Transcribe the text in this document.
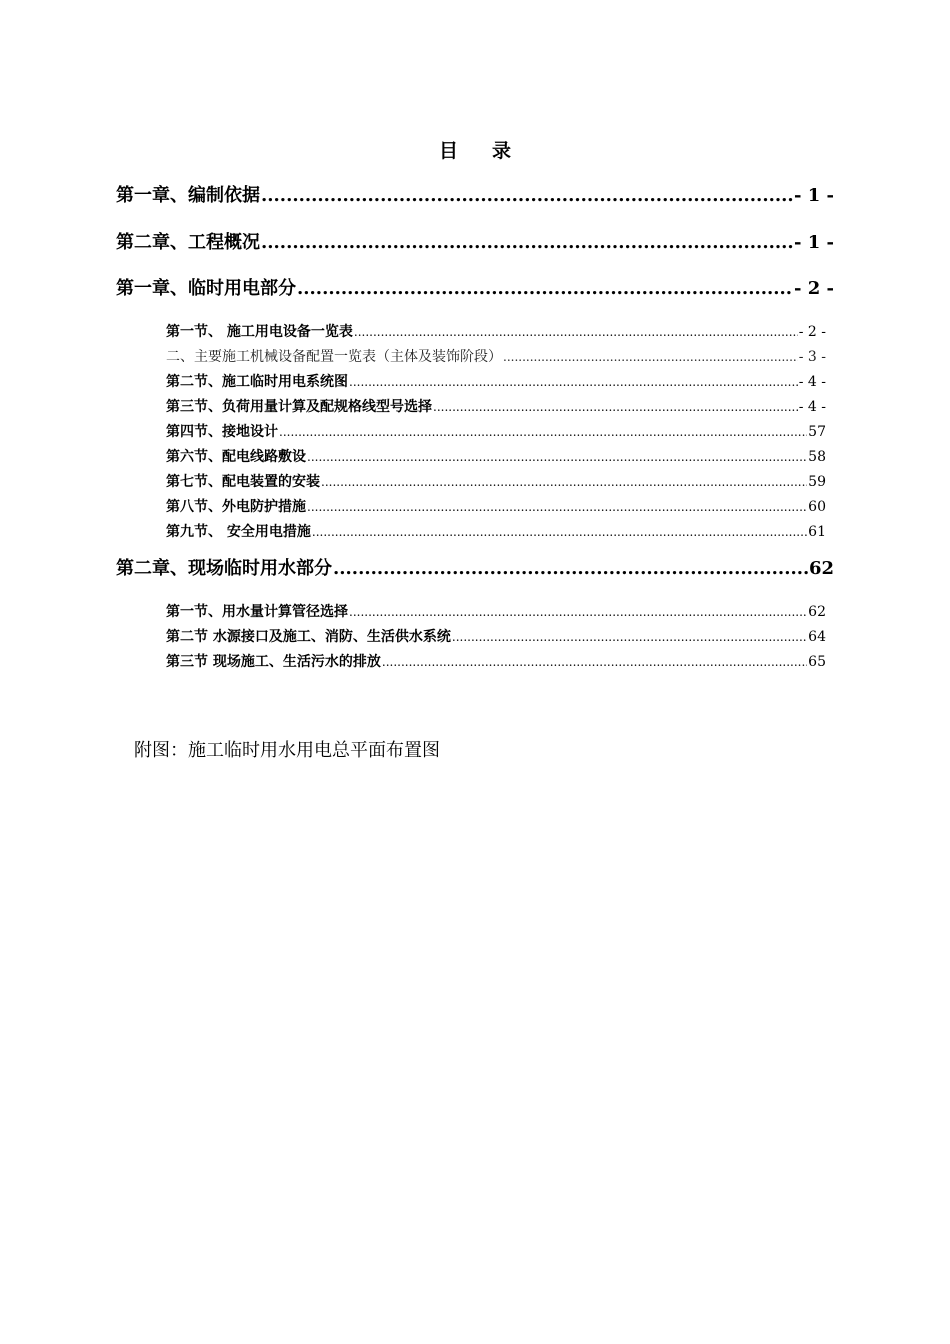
目 录
第一章、编制依据 .....	- 1 -
第二章、工程概况 .....	- 1 -
第一章、临时用电部分 .....	- 2 -
第一节、 施工用电设备一览表 .....	- 2 -
二、主要施工机械设备配置一览表（主体及装饰阶段） .....	- 3 -
第二节、施工临时用电系统图 .....	- 4 -
第三节、负荷用量计算及配规格线型号选择 .....	- 4 -
第四节、接地设计 .....	57
第六节、配电线路敷设 .....	58
第七节、配电装置的安装 .....	59
第八节、外电防护措施 .....	60
第九节、 安全用电措施 .....	61
第二章、现场临时用水部分 .....	62
第一节、用水量计算管径选择 .....	62
第二节 水源接口及施工、消防、生活供水系统 .....	64
第三节 现场施工、生活污水的排放 .....	65
附图：施工临时用水用电总平面布置图
